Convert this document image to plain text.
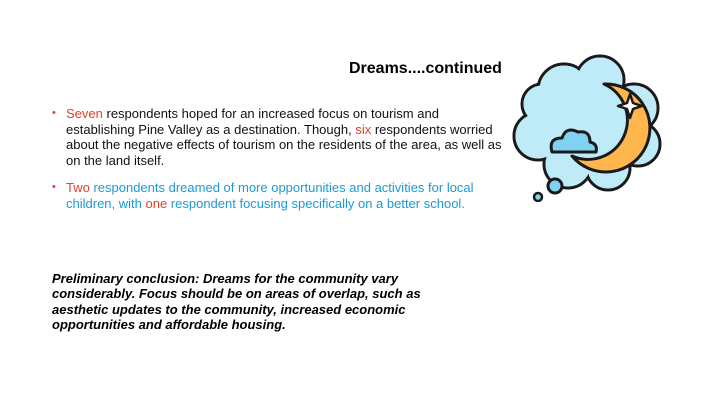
Dreams....continued
• Seven respondents hoped for an increased focus on tourism and establishing Pine Valley as a destination. Though, six respondents worried about the negative effects of tourism on the residents of the area, as well as on the land itself.
• Two respondents dreamed of more opportunities and activities for local children, with one respondent focusing specifically on a better school.
Preliminary conclusion: Dreams for the community vary considerably. Focus should be on areas of overlap, such as aesthetic updates to the community, increased economic opportunities and affordable housing.
